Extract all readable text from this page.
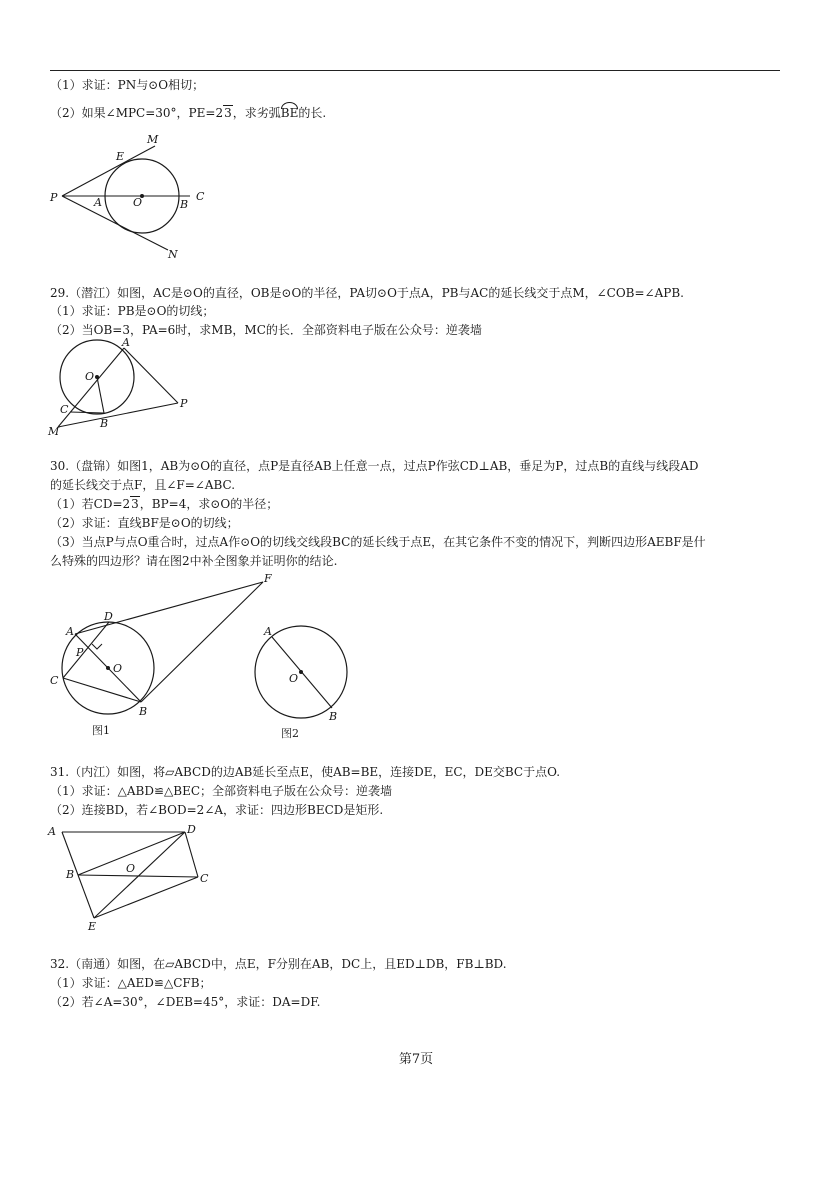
（1）求证：PN与⊙O相切；
（2）如果∠MPC=30°，PE=23，求劣弧BE的长.
M
E
P	A	O	B
C
N
29.（潜江）如图，AC是⊙O的直径，OB是⊙O的半径，PA切⊙O于点A，PB与AC的延长线交于点M，∠COB=∠APB.
（1）求证：PB是⊙O的切线；
（2）当OB=3，PA=6时，求MB，MC的长．全部资料电子版在公众号：逆袭墙
A
O
C
B
P
M
30.（盘锦）如图1，AB为⊙O的直径，点P是直径AB上任意一点，过点P作弦CD⊥AB，垂足为P，过点B的直线与线段AD
的延长线交于点F，且∠F=∠ABC.
（1）若CD=23，BP=4，求⊙O的半径；
（2）求证：直线BF是⊙O的切线；
（3）当点P与点O重合时，过点A作⊙O的切线交线段BC的延长线于点E，在其它条件不变的情况下，判断四边形AEBF是什
么特殊的四边形？请在图2中补全图象并证明你的结论.
F
D
A
P
O
C
B
图1
A
O
B
图2
31.（内江）如图，将▱ABCD的边AB延长至点E，使AB=BE，连接DE，EC，DE交BC于点O.
（1）求证：△ABD≌△BEC；全部资料电子版在公众号：逆袭墙
（2）连接BD，若∠BOD=2∠A，求证：四边形BECD是矩形.
A	D
B	O
C
E
32.（南通）如图，在▱ABCD中，点E，F分别在AB，DC上，且ED⊥DB，FB⊥BD.
（1）求证：△AED≌△CFB；
（2）若∠A=30°，∠DEB=45°，求证：DA=DF.
第7页
